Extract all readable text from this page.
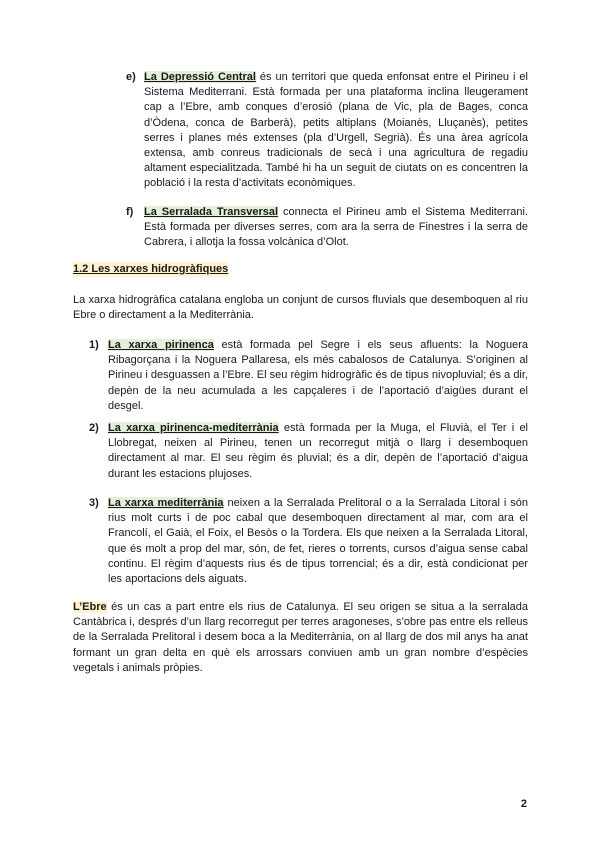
e) La Depressió Central és un territori que queda enfonsat entre el Pirineu i el Sistema Mediterrani. Està formada per una plataforma inclina lleugerament cap a l’Ebre, amb conques d’erosió (plana de Vic, pla de Bages, conca d’Òdena, conca de Barberà), petits altiplans (Moianès, Lluçanès), petites serres i planes més extenses (pla d’Urgell, Segrià). És una àrea agrícola extensa, amb conreus tradicionals de secà i una agricultura de regadiu altament especialitzada. També hi ha un seguit de ciutats on es concentren la població i la resta d’activitats econòmiques.
f) La Serralada Transversal connecta el Pirineu amb el Sistema Mediterrani. Està formada per diverses serres, com ara la serra de Finestres i la serra de Cabrera, i allotja la fossa volcànica d’Olot.
1.2 Les xarxes hidrogràfiques
La xarxa hidrogràfica catalana engloba un conjunt de cursos fluvials que desemboquen al riu Ebre o directament a la Mediterrània.
1) La xarxa pirinenca està formada pel Segre i els seus afluents: la Noguera Ribagorçana i la Noguera Pallaresa, els més cabalosos de Catalunya. S’originen al Pirineu i desguassen a l’Ebre. El seu règim hidrogràfic és de tipus nivopluvial; és a dir, depèn de la neu acumulada a les capçaleres i de l’aportació d’aigües durant el desgel.
2) La xarxa pirinenca-mediterrània està formada per la Muga, el Fluvià, el Ter i el Llobregat, neixen al Pirineu, tenen un recorregut mitjà o llarg i desemboquen directament al mar. El seu règim és pluvial; és a dir, depèn de l’aportació d’aigua durant les estacions plujoses.
3) La xarxa mediterrània neixen a la Serralada Prelitoral o a la Serralada Litoral i són rius molt curts i de poc cabal que desemboquen directament al mar, com ara el Francolí, el Gaià, el Foix, el Besòs o la Tordera. Els que neixen a la Serralada Litoral, que és molt a prop del mar, són, de fet, rieres o torrents, cursos d’aigua sense cabal continu. El règim d’aquests rius és de tipus torrencial; és a dir, està condicionat per les aportacions dels aiguats.
L’Ebre és un cas a part entre els rius de Catalunya. El seu origen se situa a la serralada Cantàbrica i, després d’un llarg recorregut per terres aragoneses, s’obre pas entre els relleus de la Serralada Prelitoral i desem boca a la Mediterrània, on al llarg de dos mil anys ha anat formant un gran delta en què els arrossars conviuen amb un gran nombre d’espècies vegetals i animals pròpies.
2
